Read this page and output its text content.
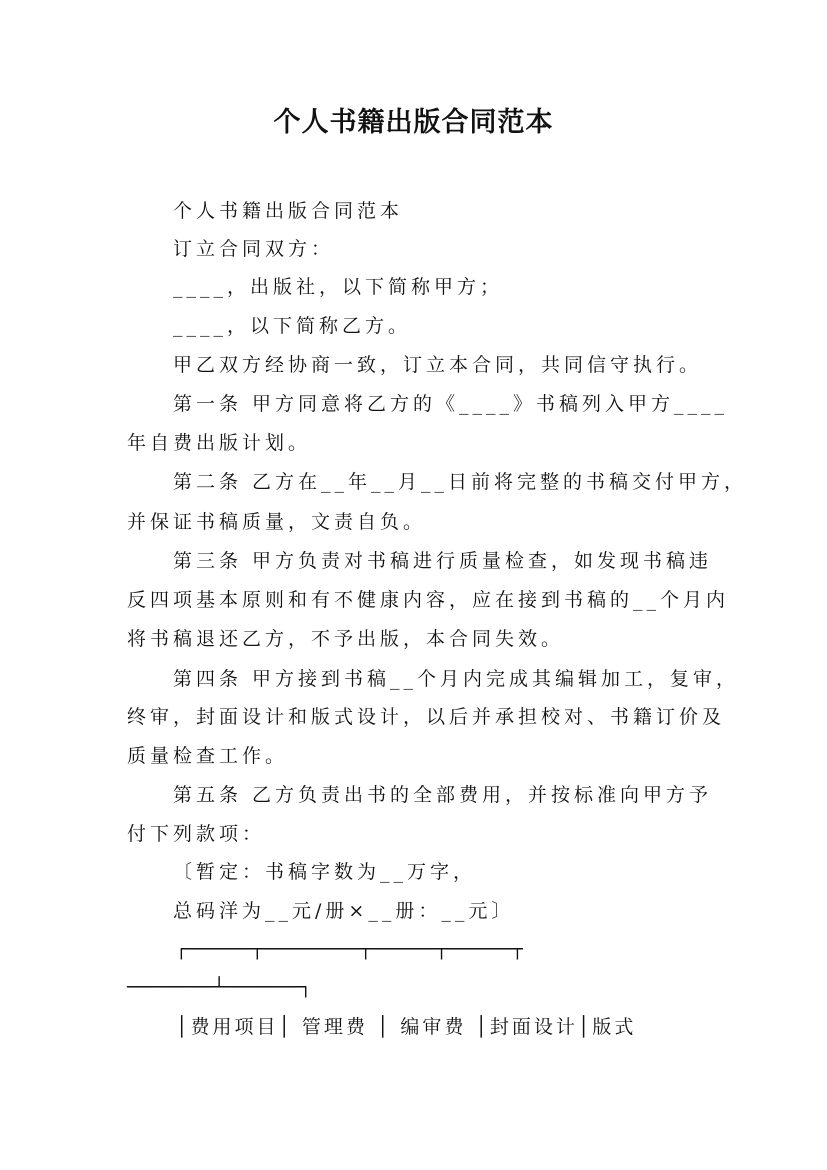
个人书籍出版合同范本
个人书籍出版合同范本
订立合同双方：
____，出版社，以下简称甲方；
____，以下简称乙方。
甲乙双方经协商一致，订立本合同，共同信守执行。
第一条 甲方同意将乙方的《____》书稿列入甲方____
年自费出版计划。
第二条 乙方在__年__月__日前将完整的书稿交付甲方，
并保证书稿质量，文责自负。
第三条 甲方负责对书稿进行质量检查，如发现书稿违
反四项基本原则和有不健康内容，应在接到书稿的__个月内
将书稿退还乙方，不予出版，本合同失效。
第四条 甲方接到书稿__个月内完成其编辑加工，复审，
终审，封面设计和版式设计，以后并承担校对、书籍订价及
质量检查工作。
第五条 乙方负责出书的全部费用，并按标准向甲方予
付下列款项：
〔暂定：书稿字数为__万字，
总码洋为__元/册×__册：__元〕
┌──────┬─────────┬──────┬──────┬
────────┴───────┐
│费用项目│ 管理费 │ 编审费 │封面设计│版式
